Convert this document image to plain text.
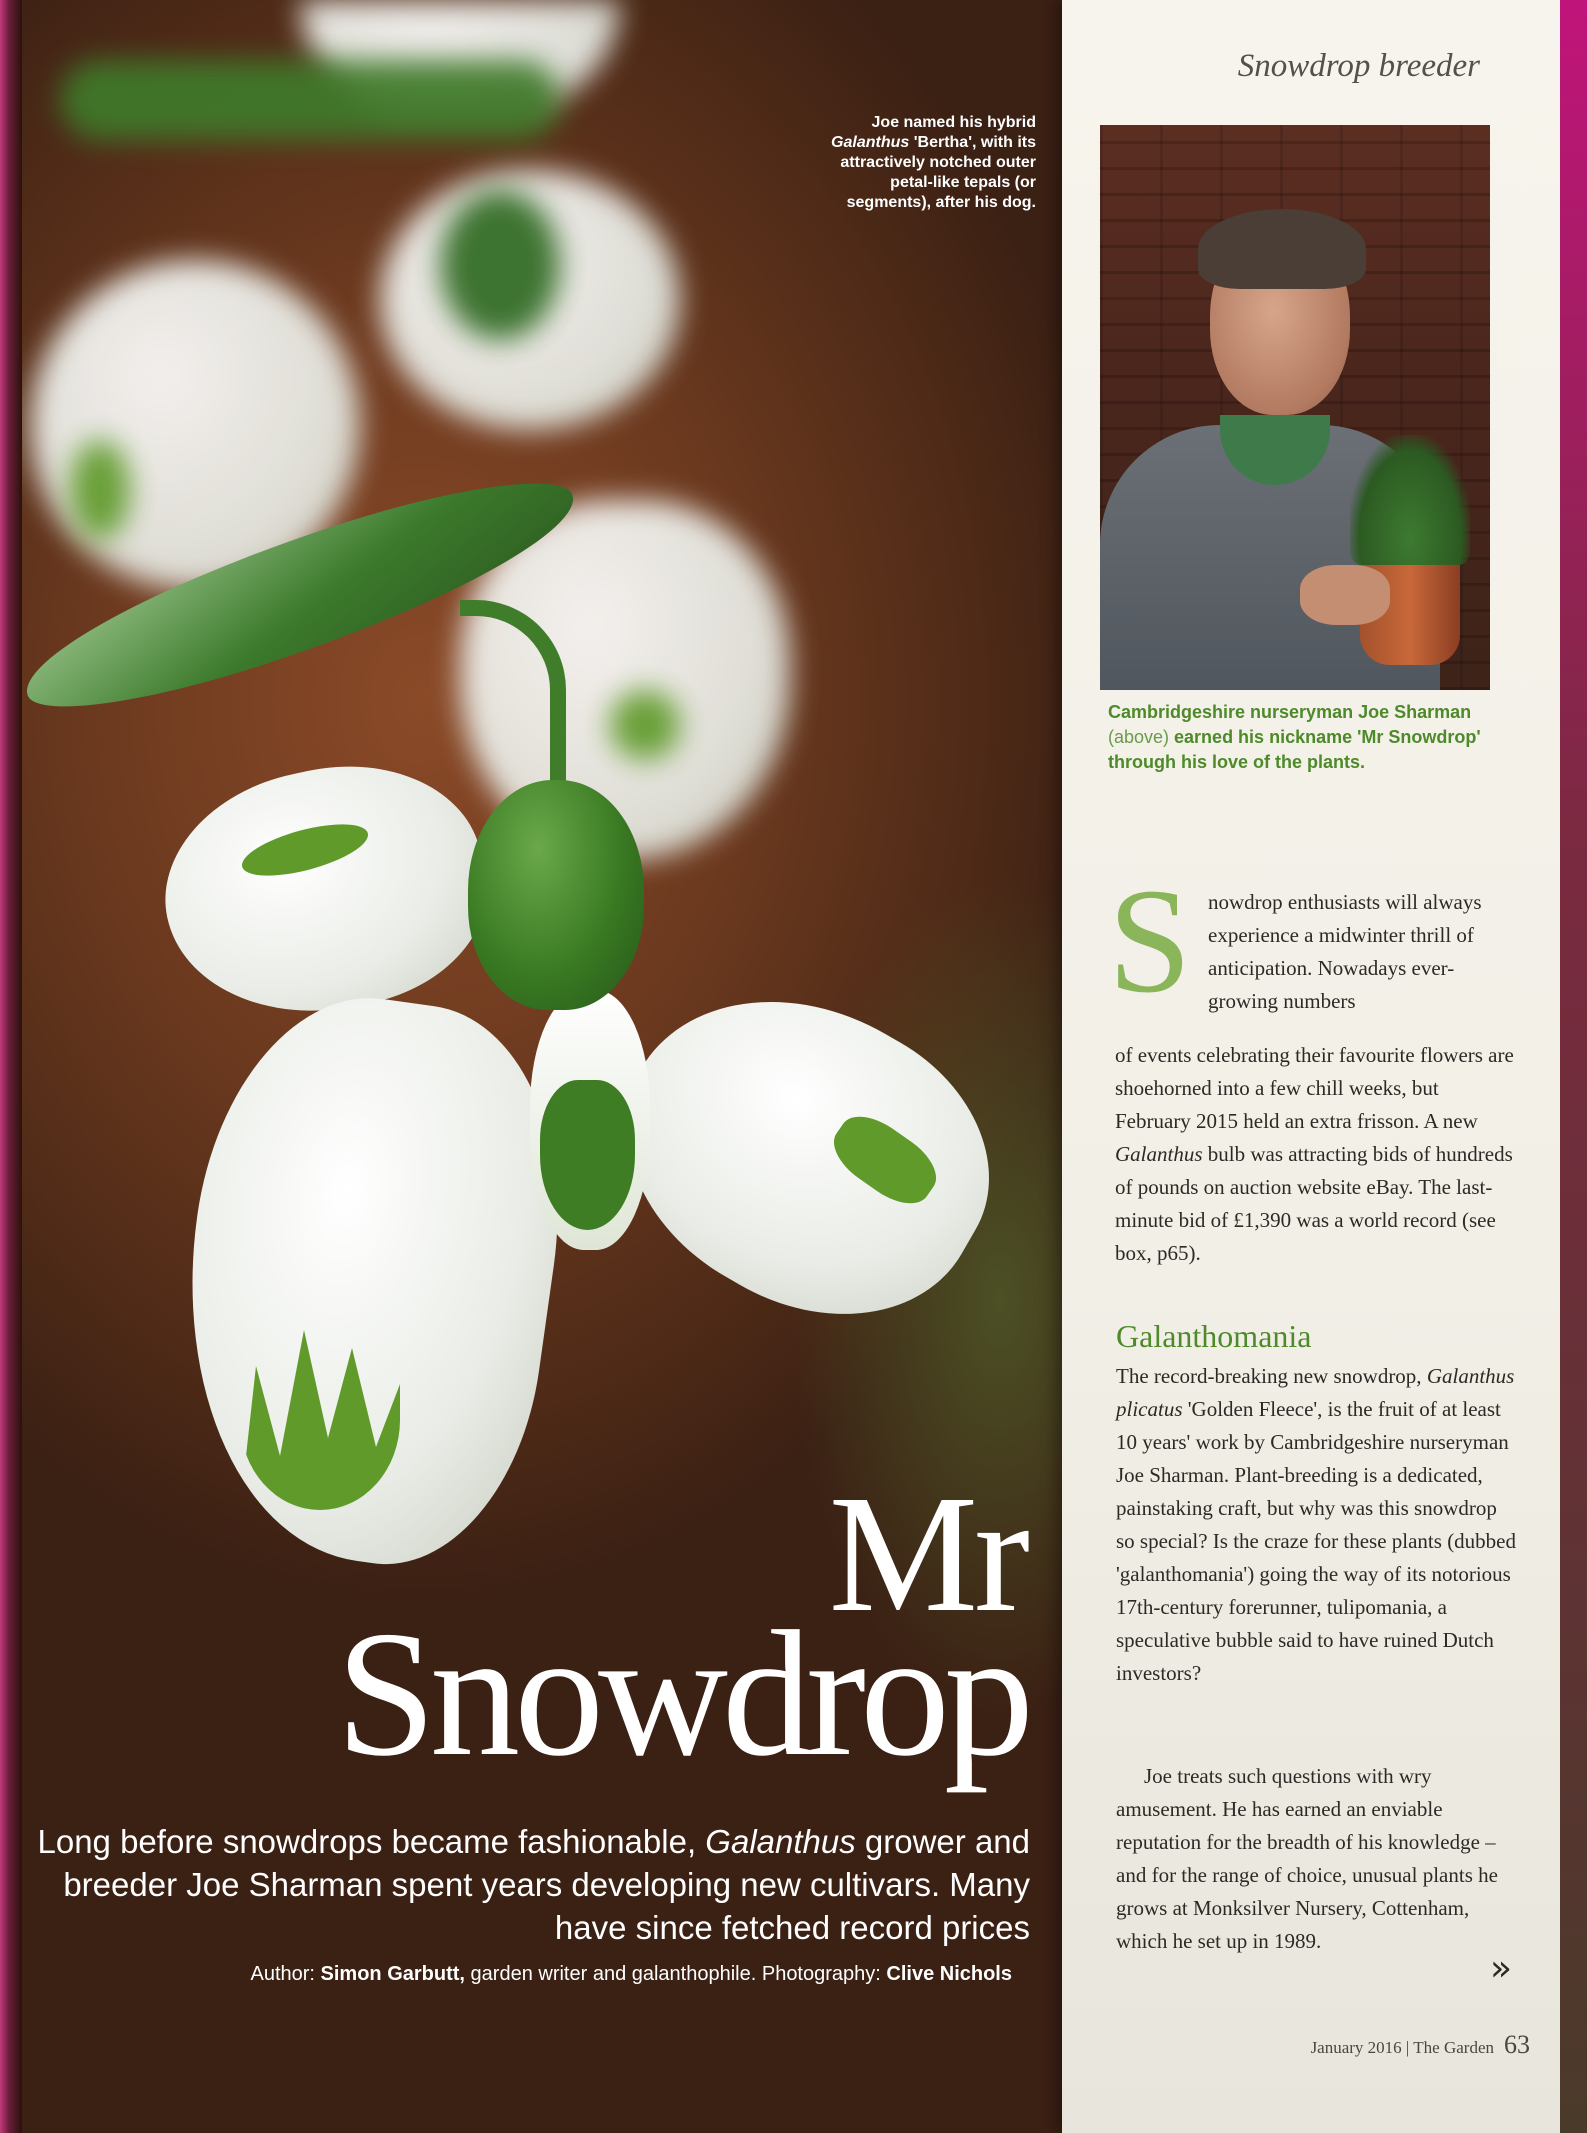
Joe named his hybrid
Galanthus 'Bertha', with its
attractively notched outer
petal-like tepals (or
segments), after his dog.
Mr
Snowdrop
Long before snowdrops became fashionable, Galanthus grower and breeder Joe Sharman spent years developing new cultivars. Many have since fetched record prices
Author: Simon Garbutt, garden writer and galanthophile. Photography: Clive Nichols
Snowdrop breeder
Cambridgeshire nurseryman Joe Sharman (above) earned his nickname 'Mr Snowdrop' through his love of the plants.
S nowdrop enthusiasts will always experience a midwinter thrill of anticipation. Nowadays ever-growing numbers
of events celebrating their favourite flowers are shoehorned into a few chill weeks, but February 2015 held an extra frisson. A new Galanthus bulb was attracting bids of hundreds of pounds on auction website eBay. The last-minute bid of £1,390 was a world record (see box, p65).
Galanthomania
The record-breaking new snowdrop, Galanthus plicatus 'Golden Fleece', is the fruit of at least 10 years' work by Cambridgeshire nurseryman Joe Sharman. Plant-breeding is a dedicated, painstaking craft, but why was this snowdrop so special? Is the craze for these plants (dubbed 'galanthomania') going the way of its notorious 17th-century forerunner, tulipomania, a speculative bubble said to have ruined Dutch investors?
Joe treats such questions with wry amusement. He has earned an enviable reputation for the breadth of his knowledge – and for the range of choice, unusual plants he grows at Monksilver Nursery, Cottenham, which he set up in 1989.
»
January 2016 | The Garden 63
